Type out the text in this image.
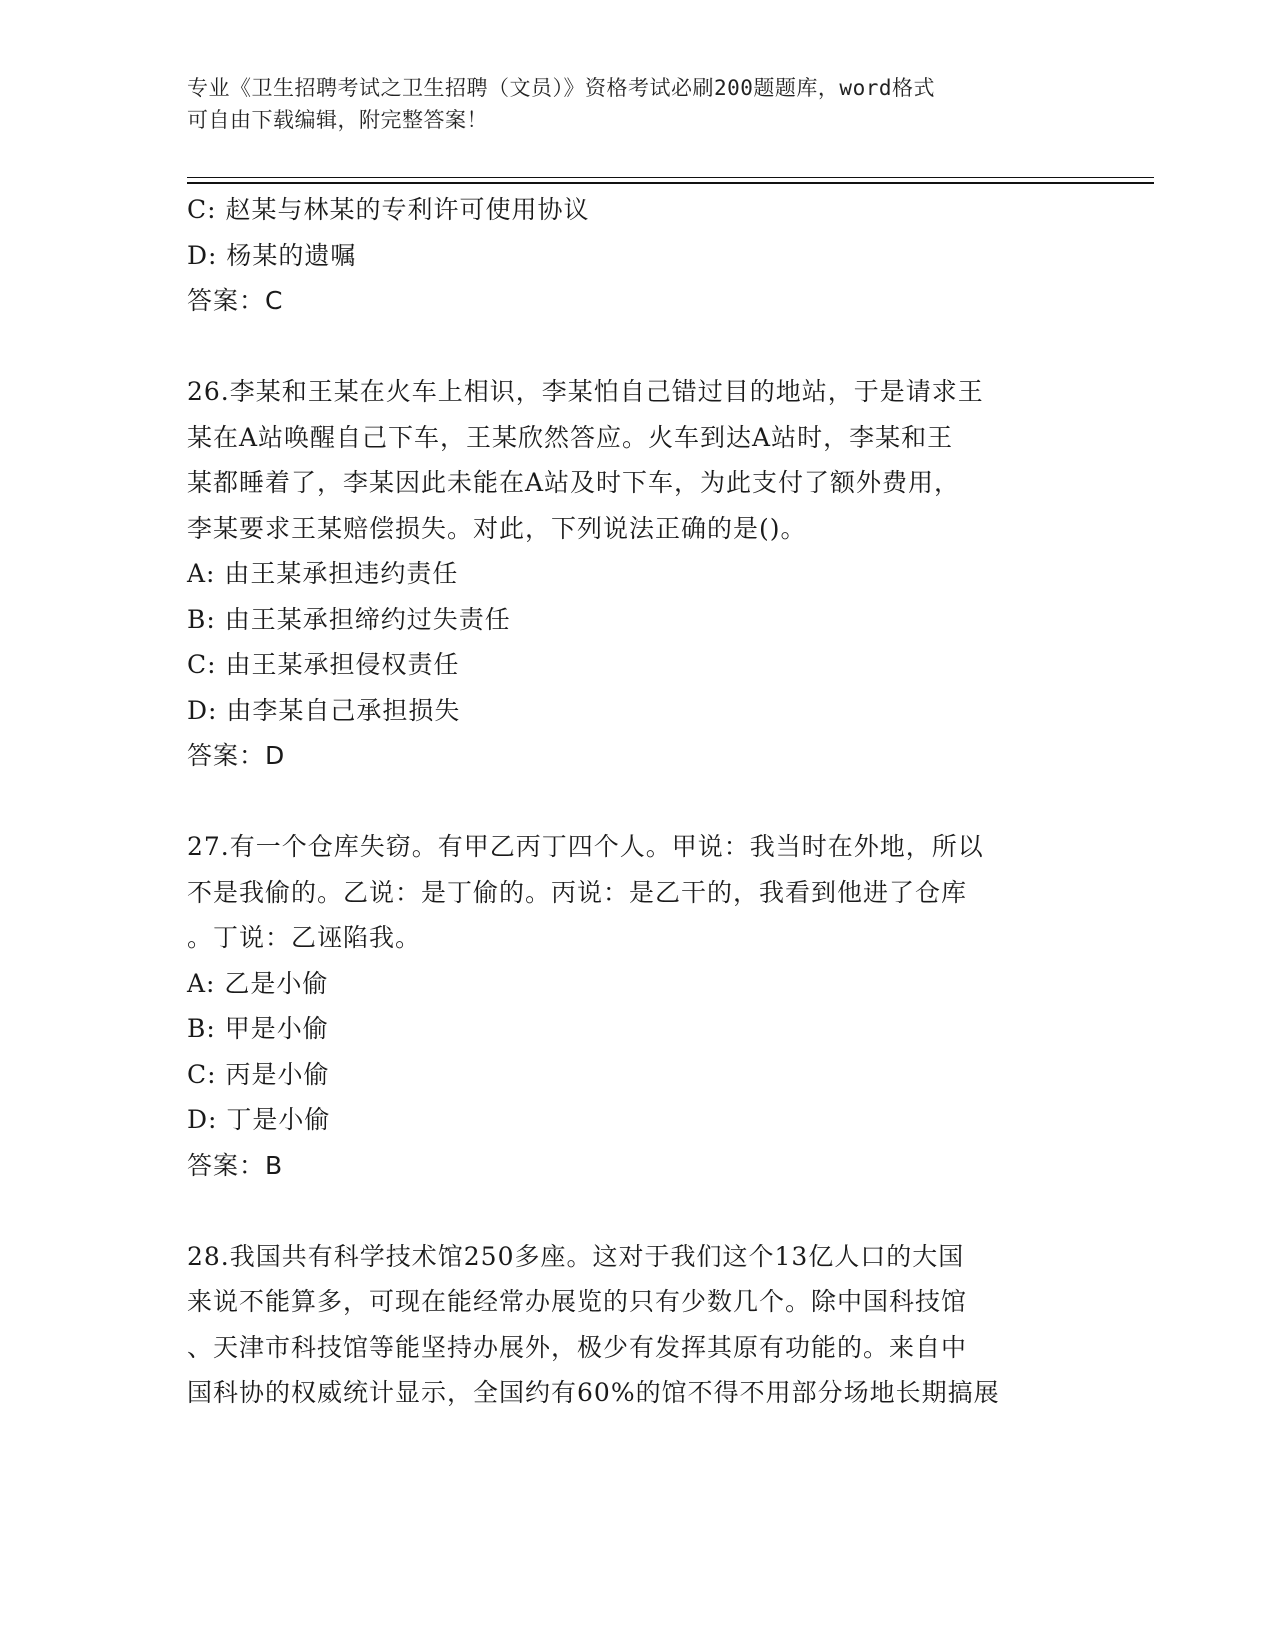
专业《卫生招聘考试之卫生招聘（文员）》资格考试必刷200题题库，word格式
可自由下载编辑，附完整答案！
C: 赵某与林某的专利许可使用协议
D: 杨某的遗嘱
答案：C
26.李某和王某在火车上相识，李某怕自己错过目的地站，于是请求王
某在A站唤醒自己下车，王某欣然答应。火车到达A站时，李某和王
某都睡着了，李某因此未能在A站及时下车，为此支付了额外费用，
李某要求王某赔偿损失。对此，下列说法正确的是()。
A: 由王某承担违约责任
B: 由王某承担缔约过失责任
C: 由王某承担侵权责任
D: 由李某自己承担损失
答案：D
27.有一个仓库失窃。有甲乙丙丁四个人。甲说：我当时在外地，所以
不是我偷的。乙说：是丁偷的。丙说：是乙干的，我看到他进了仓库
。丁说：乙诬陷我。
A: 乙是小偷
B: 甲是小偷
C: 丙是小偷
D: 丁是小偷
答案：B
28.我国共有科学技术馆250多座。这对于我们这个13亿人口的大国
来说不能算多，可现在能经常办展览的只有少数几个。除中国科技馆
、天津市科技馆等能坚持办展外，极少有发挥其原有功能的。来自中
国科协的权威统计显示，全国约有60%的馆不得不用部分场地长期搞展
